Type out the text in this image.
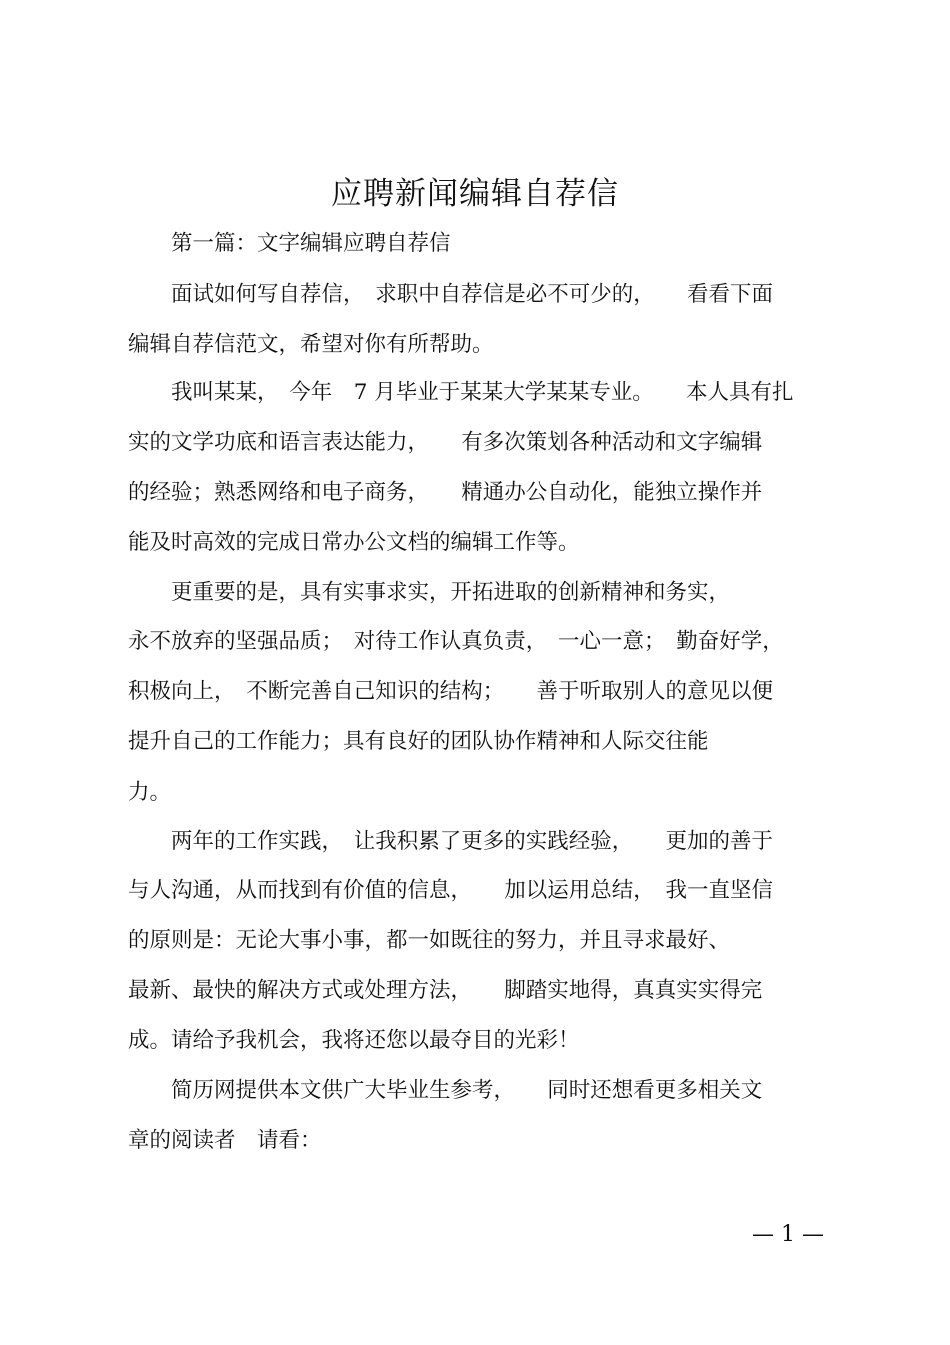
应聘新闻编辑自荐信
　　第一篇：文字编辑应聘自荐信
　　面试如何写自荐信，　求职中自荐信是必不可少的，　　看看下面
编辑自荐信范文，希望对你有所帮助。
　　我叫某某，　今年　7 月毕业于某某大学某某专业。　　本人具有扎
实的文学功底和语言表达能力，　　有多次策划各种活动和文字编辑
的经验；熟悉网络和电子商务，　　精通办公自动化，能独立操作并
能及时高效的完成日常办公文档的编辑工作等。
　　更重要的是，具有实事求实，开拓进取的创新精神和务实，
永不放弃的坚强品质；　对待工作认真负责，　一心一意；　勤奋好学，
积极向上，　不断完善自己知识的结构；　　善于听取别人的意见以便
提升自己的工作能力；具有良好的团队协作精神和人际交往能
力。
　　两年的工作实践，　让我积累了更多的实践经验，　　更加的善于
与人沟通，从而找到有价值的信息，　　加以运用总结，　我一直坚信
的原则是：无论大事小事，都一如既往的努力，并且寻求最好、
最新、最快的解决方式或处理方法，　　脚踏实地得，真真实实得完
成。请给予我机会，我将还您以最夺目的光彩！
　　简历网提供本文供广大毕业生参考，　　同时还想看更多相关文
章的阅读者　请看：
— 1 —
